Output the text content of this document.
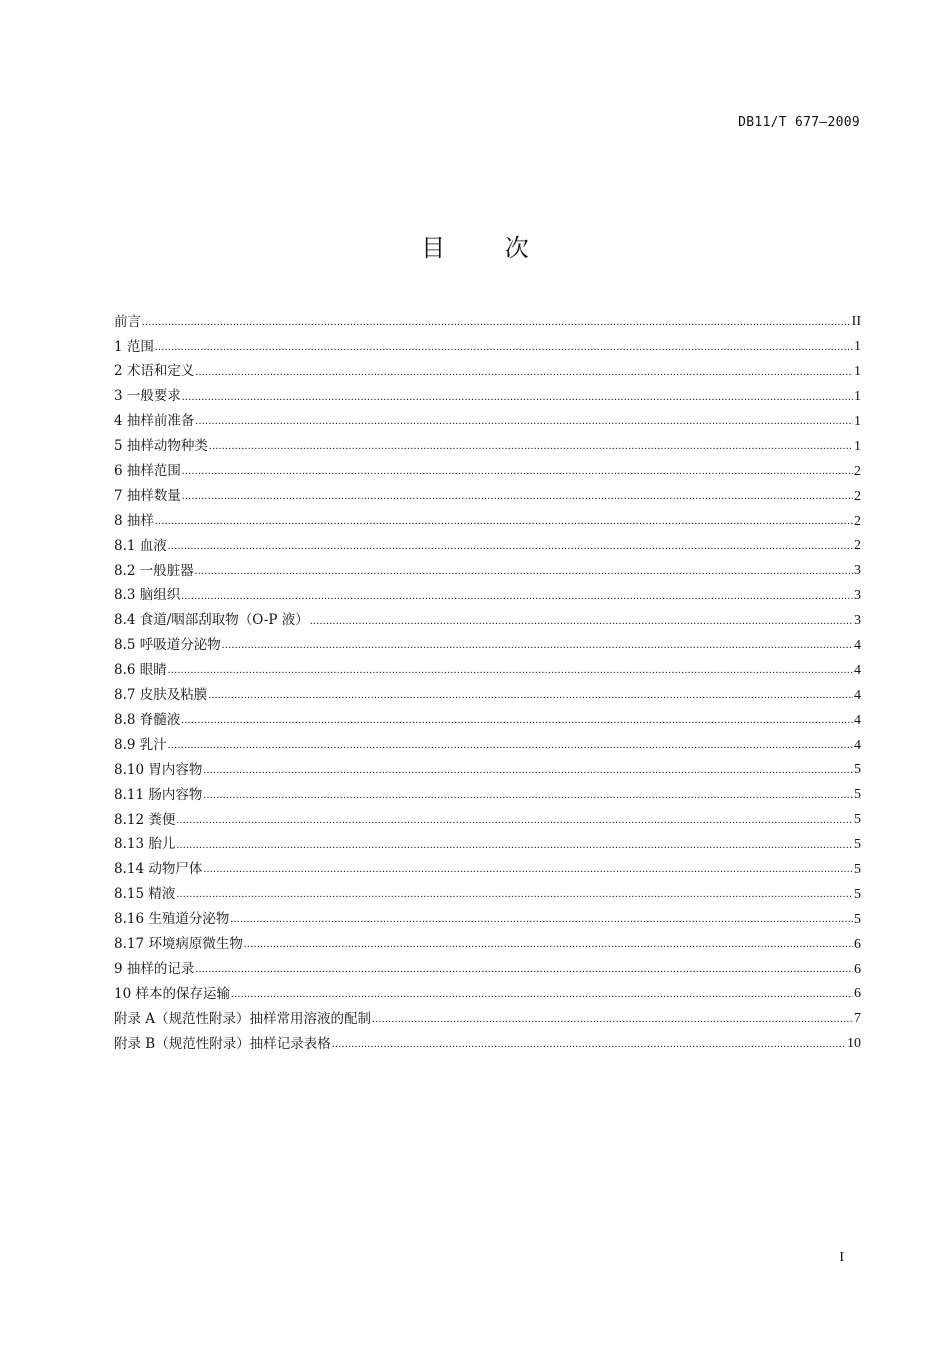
DB11/T 677—2009
目 次
前言 .....	II
1 范围 .....	1
2 术语和定义 .....	1
3 一般要求 .....	1
4 抽样前准备 .....	1
5 抽样动物种类 .....	1
6 抽样范围 .....	2
7 抽样数量 .....	2
8 抽样 .....	2
8.1 血液 .....	2
8.2 一般脏器 .....	3
8.3 脑组织 .....	3
8.4 食道/咽部刮取物（O-P 液） .....	3
8.5 呼吸道分泌物 .....	4
8.6 眼睛 .....	4
8.7 皮肤及粘膜 .....	4
8.8 脊髓液 .....	4
8.9 乳汁 .....	4
8.10 胃内容物 .....	5
8.11 肠内容物 .....	5
8.12 粪便 .....	5
8.13 胎儿 .....	5
8.14 动物尸体 .....	5
8.15 精液 .....	5
8.16 生殖道分泌物 .....	5
8.17 环境病原微生物 .....	6
9 抽样的记录 .....	6
10 样本的保存运输 .....	6
附录 A（规范性附录）抽样常用溶液的配制 .....	7
附录 B（规范性附录）抽样记录表格 .....	10
I
